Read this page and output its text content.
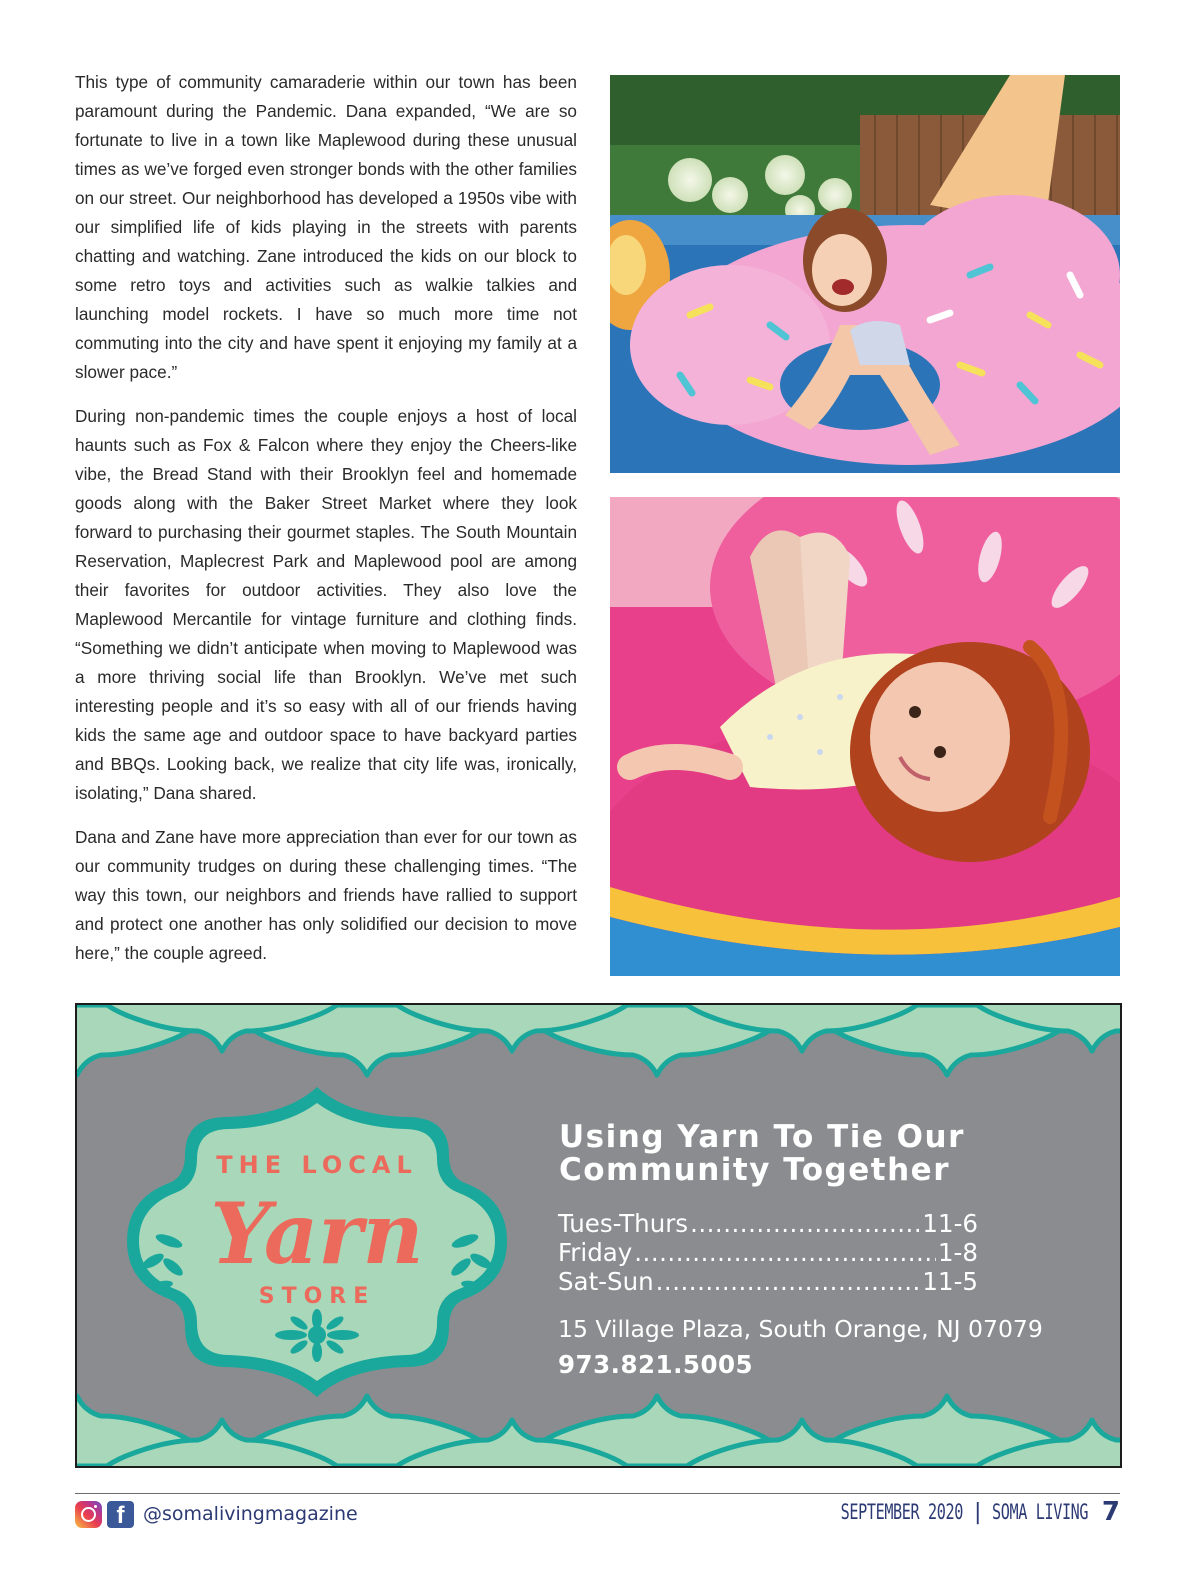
This type of community camaraderie within our town has been paramount during the Pandemic. Dana expanded, “We are so fortunate to live in a town like Maplewood during these unusual times as we’ve forged even stronger bonds with the other families on our street. Our neighborhood has developed a 1950s vibe with our simplified life of kids playing in the streets with parents chatting and watching. Zane introduced the kids on our block to some retro toys and activities such as walkie talkies and launching model rockets. I have so much more time not commuting into the city and have spent it enjoying my family at a slower pace.”

During non-pandemic times the couple enjoys a host of local haunts such as Fox & Falcon where they enjoy the Cheers-like vibe, the Bread Stand with their Brooklyn feel and homemade goods along with the Baker Street Market where they look forward to purchasing their gourmet staples. The South Mountain Reservation, Maplecrest Park and Maplewood pool are among their favorites for outdoor activities. They also love the Maplewood Mercantile for vintage furniture and clothing finds. “Something we didn’t anticipate when moving to Maplewood was a more thriving social life than Brooklyn. We’ve met such interesting people and it’s so easy with all of our friends having kids the same age and outdoor space to have backyard parties and BBQs. Looking back, we realize that city life was, ironically, isolating,” Dana shared.

Dana and Zane have more appreciation than ever for our town as our community trudges on during these challenging times. “The way this town, our neighbors and friends have rallied to support and protect one another has only solidified our decision to move here,” the couple agreed.

THE LOCAL
Yarn
STORE
Using Yarn To Tie Our Community Together
Tues-Thurs .....	11-6
Friday .....	1-8
Sat-Sun .....	11-5
15 Village Plaza, South Orange, NJ 07079
973.821.5005
f @somalivingmagazine	SEPTEMBER 2020 | SOMA LIVING 7
